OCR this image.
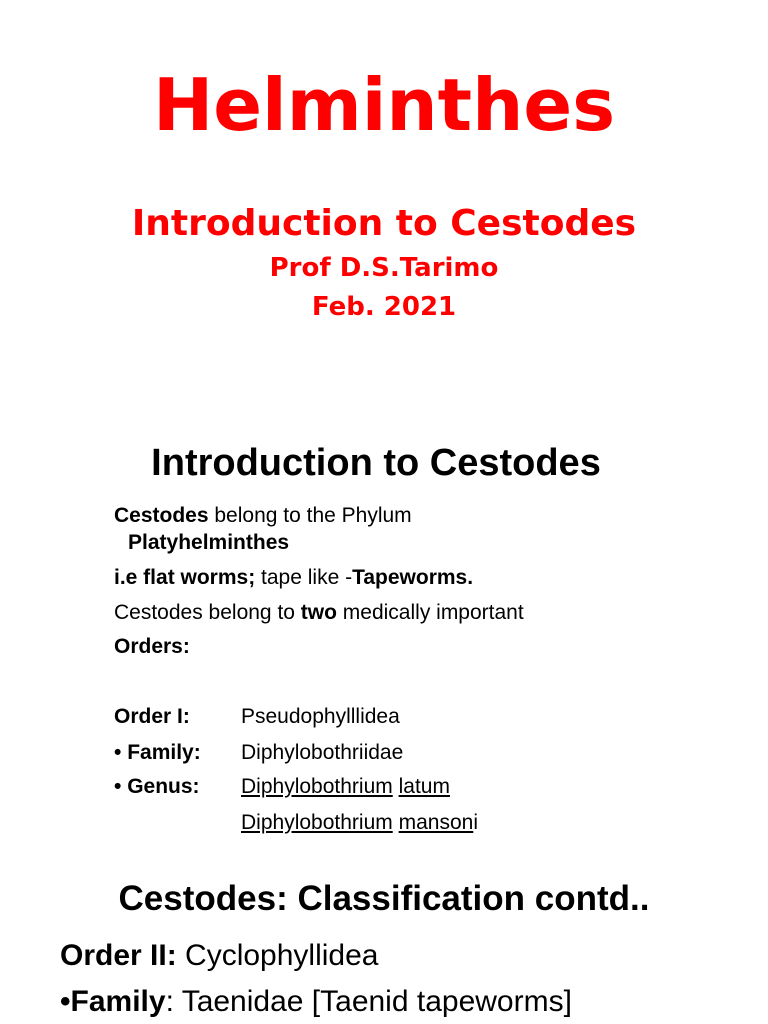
Helminthes
Introduction to Cestodes
Prof D.S.Tarimo
Feb. 2021
Introduction to Cestodes
Cestodes belong to the Phylum
Platyhelminthes
i.e flat worms; tape like -Tapeworms.
Cestodes belong to two medically important
Orders:
Order I: Pseudophylllidea
• Family: Diphylobothriidae
• Genus: Diphylobothrium latum
Diphylobothrium mansoni
Cestodes: Classification contd..
Order II: Cyclophyllidea
•Family: Taenidae [Taenid tapeworms]
